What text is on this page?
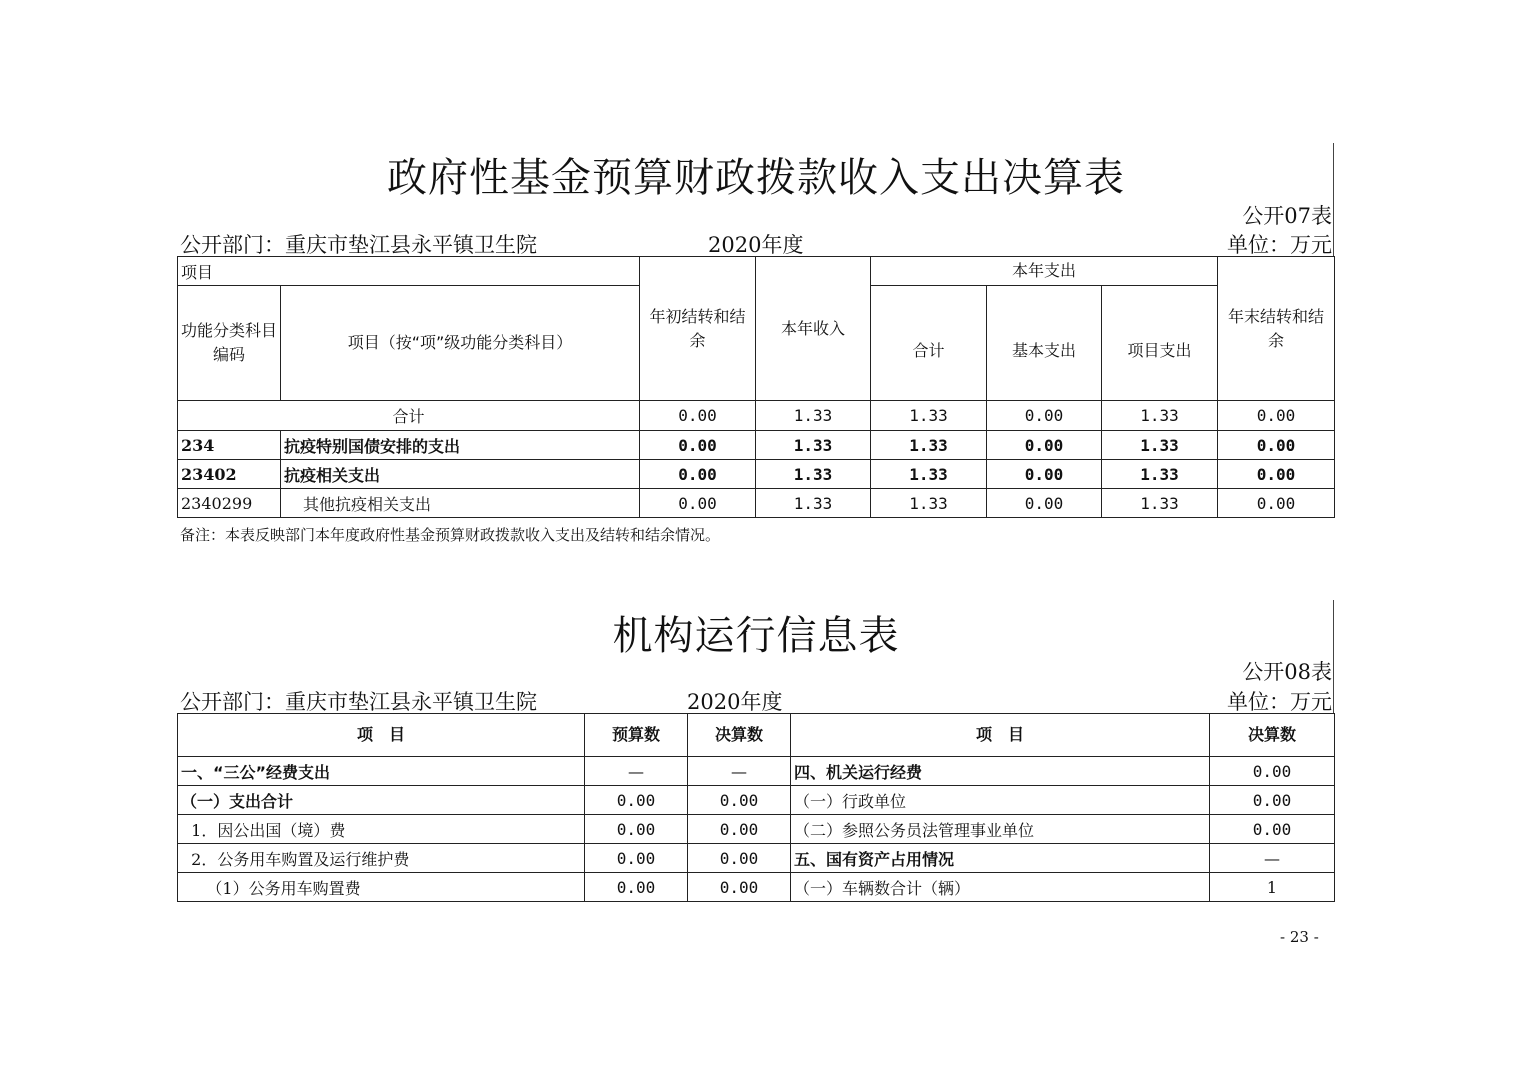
政府性基金预算财政拨款收入支出决算表
公开07表
公开部门：重庆市垫江县永平镇卫生院	2020年度	单位：万元
项目		年初结转和结余	本年收入	本年支出			年末结转和结余
功能分类科目编码	项目（按“项”级功能分类科目）			合计	基本支出	项目支出	
合计		0.00	1.33	1.33	0.00	1.33	0.00
234	抗疫特别国债安排的支出	0.00	1.33	1.33	0.00	1.33	0.00
23402	抗疫相关支出	0.00	1.33	1.33	0.00	1.33	0.00
2340299	其他抗疫相关支出	0.00	1.33	1.33	0.00	1.33	0.00
备注：本表反映部门本年度政府性基金预算财政拨款收入支出及结转和结余情况。
机构运行信息表
公开08表
公开部门：重庆市垫江县永平镇卫生院	2020年度	单位：万元
项　目	预算数	决算数	项　目	决算数
一、“三公”经费支出	—	—	四、机关运行经费	0.00
（一）支出合计	0.00	0.00	（一）行政单位	0.00
1．因公出国（境）费	0.00	0.00	（二）参照公务员法管理事业单位	0.00
2．公务用车购置及运行维护费	0.00	0.00	五、国有资产占用情况	—
（1）公务用车购置费	0.00	0.00	（一）车辆数合计（辆）	1
- 23 -
